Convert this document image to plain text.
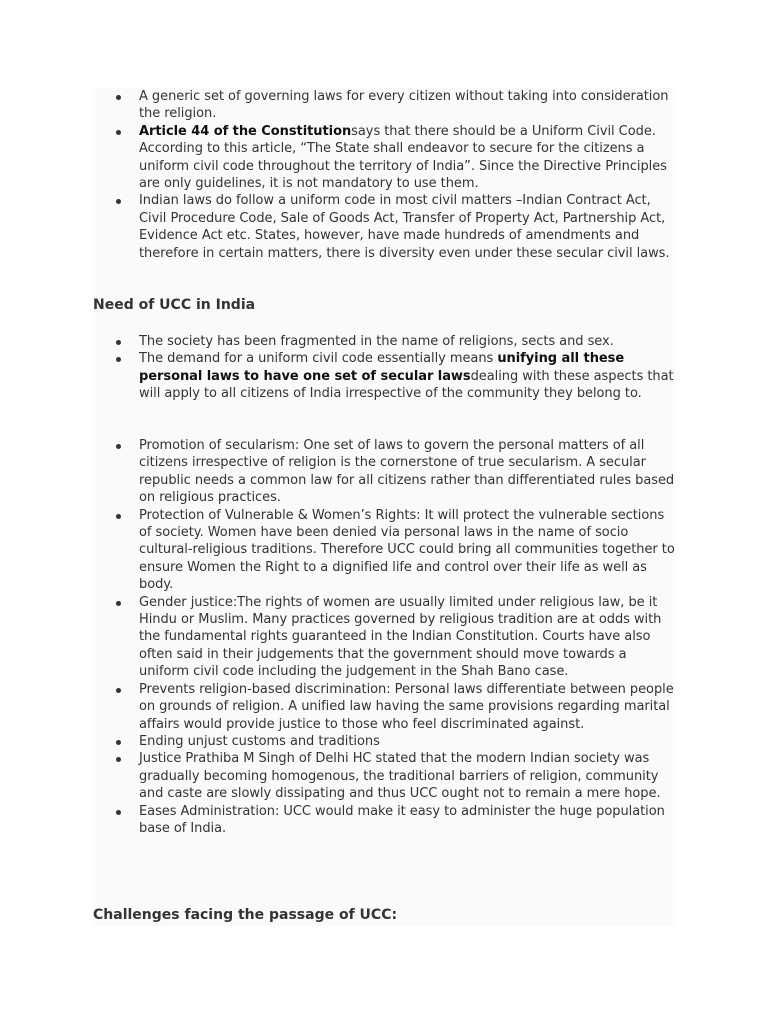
A generic set of governing laws for every citizen without taking into consideration the religion.
Article 44 of the Constitutionsays that there should be a Uniform Civil Code. According to this article, “The State shall endeavor to secure for the citizens a uniform civil code throughout the territory of India”. Since the Directive Principles are only guidelines, it is not mandatory to use them.
Indian laws do follow a uniform code in most civil matters –Indian Contract Act, Civil Procedure Code, Sale of Goods Act, Transfer of Property Act, Partnership Act, Evidence Act etc. States, however, have made hundreds of amendments and therefore in certain matters, there is diversity even under these secular civil laws.
Need of UCC in India
The society has been fragmented in the name of religions, sects and sex.
The demand for a uniform civil code essentially means unifying all these personal laws to have one set of secular lawsdealing with these aspects that will apply to all citizens of India irrespective of the community they belong to.
Promotion of secularism: One set of laws to govern the personal matters of all citizens irrespective of religion is the cornerstone of true secularism. A secular republic needs a common law for all citizens rather than differentiated rules based on religious practices.
Protection of Vulnerable & Women’s Rights: It will protect the vulnerable sections of society. Women have been denied via personal laws in the name of socio cultural-religious traditions. Therefore UCC could bring all communities together to ensure Women the Right to a dignified life and control over their life as well as body.
Gender justice:The rights of women are usually limited under religious law, be it Hindu or Muslim. Many practices governed by religious tradition are at odds with the fundamental rights guaranteed in the Indian Constitution. Courts have also often said in their judgements that the government should move towards a uniform civil code including the judgement in the Shah Bano case.
Prevents religion-based discrimination: Personal laws differentiate between people on grounds of religion. A unified law having the same provisions regarding marital affairs would provide justice to those who feel discriminated against.
Ending unjust customs and traditions
Justice Prathiba M Singh of Delhi HC stated that the modern Indian society was gradually becoming homogenous, the traditional barriers of religion, community and caste are slowly dissipating and thus UCC ought not to remain a mere hope.
Eases Administration: UCC would make it easy to administer the huge population base of India.
Challenges facing the passage of UCC:
